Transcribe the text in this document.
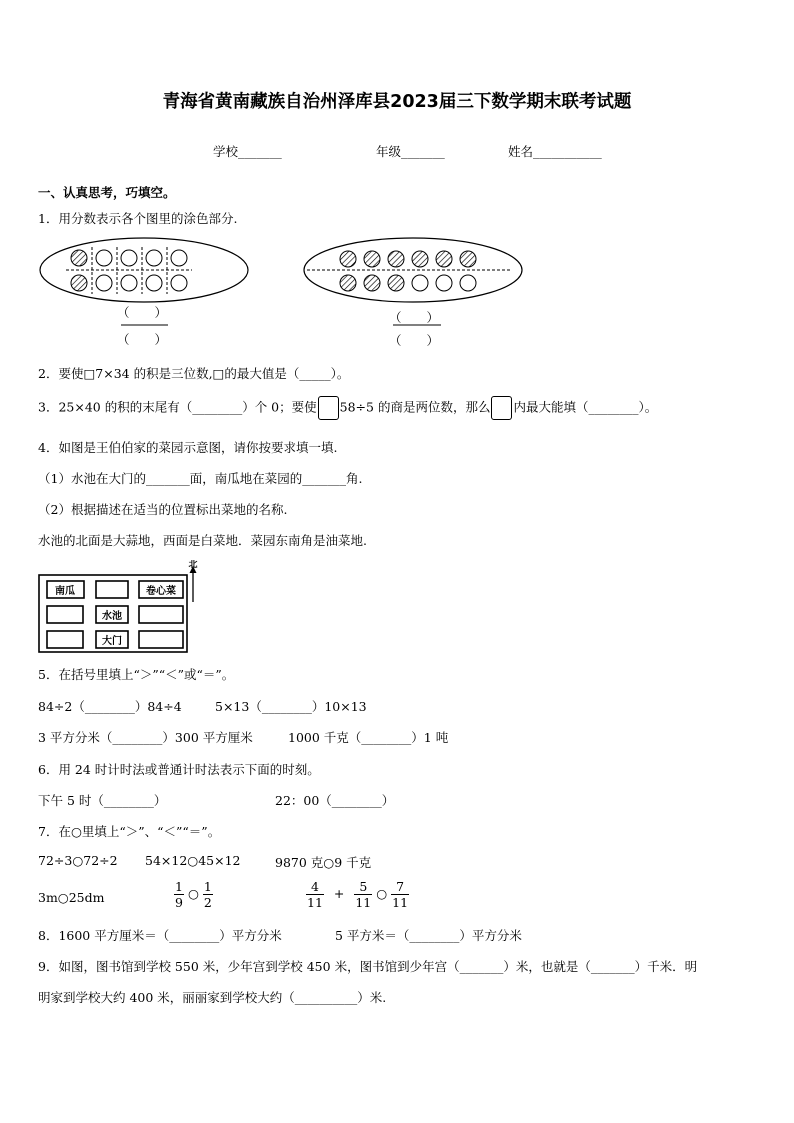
青海省黄南藏族自治州泽库县2023届三下数学期末联考试题
学校_______	年级_______	姓名___________
一、认真思考，巧填空。
1．用分数表示各个图里的涂色部分.
（　　）
（　　）
（　　）
（　　）
2．要使□7×34 的积是三位数,□的最大值是（_____）。
3．25×40 的积的末尾有（________）个 0；要使 58÷5 的商是两位数，那么 内最大能填（________）。
4．如图是王伯伯家的菜园示意图，请你按要求填一填.
（1）水池在大门的_______面，南瓜地在菜园的_______角.
（2）根据描述在适当的位置标出菜地的名称.
水池的北面是大蒜地，西面是白菜地．菜园东南角是油菜地.
南瓜	卷心菜
水池
大门
北
5．在括号里填上“＞”“＜”或“＝”。
84÷2（________）84÷4	5×13（________）10×13
3 平方分米（________）300 平方厘米	1000 千克（________）1 吨
6．用 24 时计时法或普通计时法表示下面的时刻。
下午 5 时（________）	22：00（________）
7．在○里填上“＞”、“＜”“＝”。
72÷3○72÷2 54×12○45×12	9870 克○9 千克
3m○25dm	$\frac{1}{9}$ ○ $\frac{1}{2}$	$\frac{4}{11} + \frac{5}{11}$ ○ $\frac{7}{11}$
8．1600 平方厘米＝（________）平方分米	5 平方米＝（________）平方分米
9．如图，图书馆到学校 550 米，少年宫到学校 450 米，图书馆到少年宫（_______）米，也就是（_______）千米．明
明家到学校大约 400 米，丽丽家到学校大约（__________）米.
